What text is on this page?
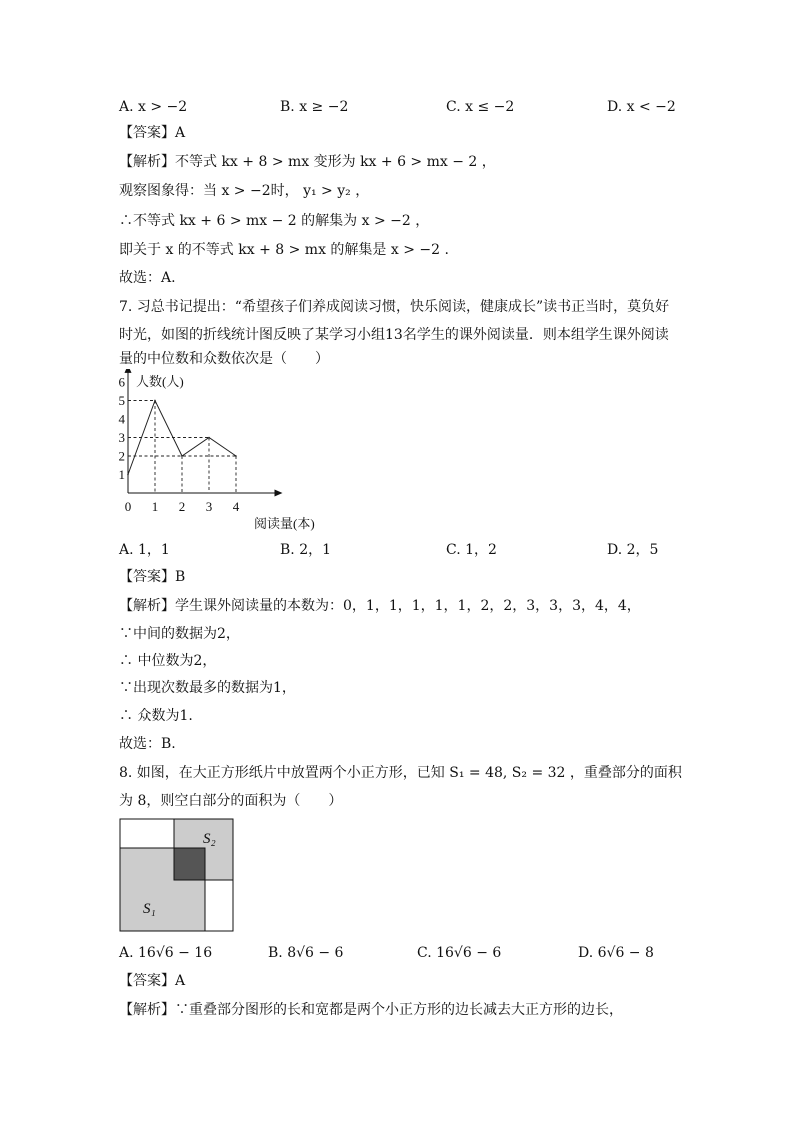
A. x > −2	B. x ≥ −2	C. x ≤ −2	D. x < −2
【答案】A
【解析】不等式 kx + 8 > mx 变形为 kx + 6 > mx − 2 ，
观察图象得：当 x > −2时， y₁ > y₂ ，
∴不等式 kx + 6 > mx − 2 的解集为 x > −2 ，
即关于 x 的不等式 kx + 8 > mx 的解集是 x > −2 .
故选：A.
7. 习总书记提出：“希望孩子们养成阅读习惯，快乐阅读，健康成长”读书正当时，莫负好
时光，如图的折线统计图反映了某学习小组13名学生的课外阅读量．则本组学生课外阅读
量的中位数和众数依次是（　　）
0 1 2 3 4
1
2
3
4
5
6 人数(人)
阅读量(本)
A. 1，1	B. 2，1	C. 1，2	D. 2，5
【答案】B
【解析】学生课外阅读量的本数为：0，1，1，1，1，1，2，2，3，3，3，4，4，
∵中间的数据为2，
∴ 中位数为2，
∵出现次数最多的数据为1，
∴ 众数为1.
故选：B.
8. 如图，在大正方形纸片中放置两个小正方形，已知 S₁ = 48, S₂ = 32 ，重叠部分的面积
为 8，则空白部分的面积为（　　）
S₁
S₂
A. 16√6 − 16	B. 8√6 − 6	C. 16√6 − 6	D. 6√6 − 8
【答案】A
【解析】∵重叠部分图形的长和宽都是两个小正方形的边长减去大正方形的边长，
